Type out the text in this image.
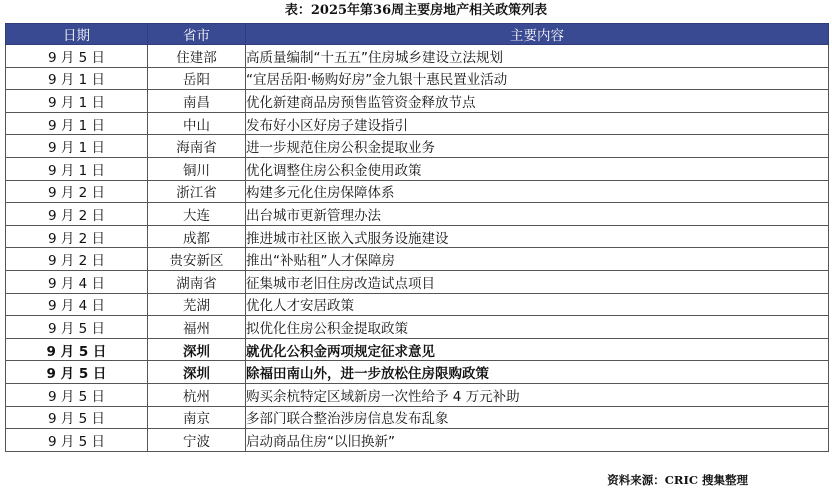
表：2025年第36周主要房地产相关政策列表
日期	省市	主要内容
9 月 5 日	住建部	高质量编制“十五五”住房城乡建设立法规划
9 月 1 日	岳阳	“宜居岳阳·畅购好房”金九银十惠民置业活动
9 月 1 日	南昌	优化新建商品房预售监管资金释放节点
9 月 1 日	中山	发布好小区好房子建设指引
9 月 1 日	海南省	进一步规范住房公积金提取业务
9 月 1 日	铜川	优化调整住房公积金使用政策
9 月 2 日	浙江省	构建多元化住房保障体系
9 月 2 日	大连	出台城市更新管理办法
9 月 2 日	成都	推进城市社区嵌入式服务设施建设
9 月 2 日	贵安新区	推出“补贴租”人才保障房
9 月 4 日	湖南省	征集城市老旧住房改造试点项目
9 月 4 日	芜湖	优化人才安居政策
9 月 5 日	福州	拟优化住房公积金提取政策
9 月 5 日	深圳	就优化公积金两项规定征求意见
9 月 5 日	深圳	除福田南山外，进一步放松住房限购政策
9 月 5 日	杭州	购买余杭特定区域新房一次性给予 4 万元补助
9 月 5 日	南京	多部门联合整治涉房信息发布乱象
9 月 5 日	宁波	启动商品住房“以旧换新”
资料来源：CRIC 搜集整理
